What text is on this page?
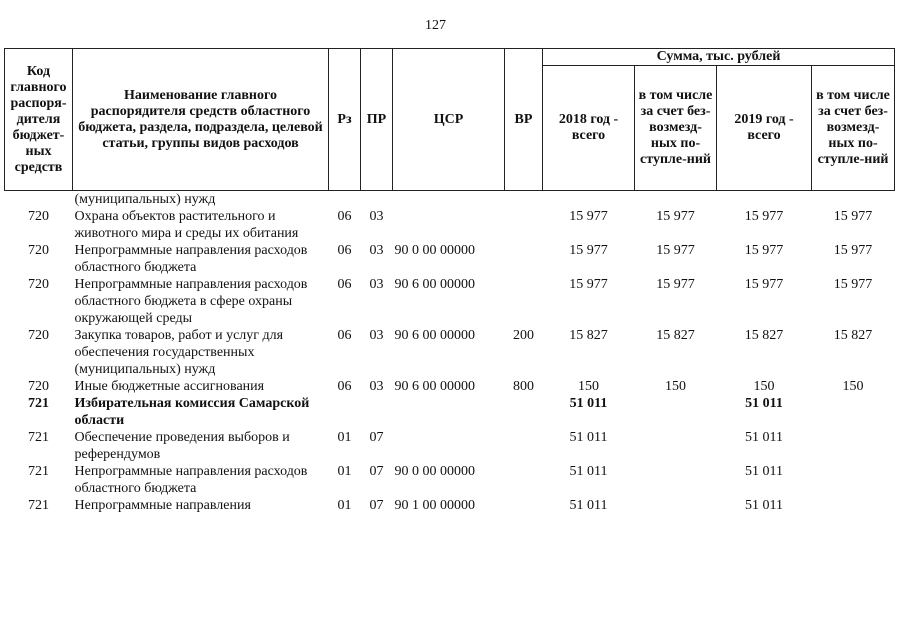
127
Код главного распоря-дителя бюджет-ных средств	Наименование главного распорядителя средств областного бюджета, раздела, подраздела, целевой статьи, группы видов расходов	Рз	ПР	ЦСР	ВР	Сумма, тыс. рублей			
						2018 год - всего	в том числе за счет без-возмезд-ных по-ступле-ний	2019 год - всего	в том числе за счет без-возмезд-ных по-ступле-ний
	(муниципальных) нужд								
720	Охрана объектов растительного и животного мира и среды их обитания	06	03			15 977	15 977	15 977	15 977
720	Непрограммные направления расходов областного бюджета	06	03	90 0 00 00000		15 977	15 977	15 977	15 977
720	Непрограммные направления расходов областного бюджета в сфере охраны окружающей среды	06	03	90 6 00 00000		15 977	15 977	15 977	15 977
720	Закупка товаров, работ и услуг для обеспечения государственных (муниципальных) нужд	06	03	90 6 00 00000	200	15 827	15 827	15 827	15 827
720	Иные бюджетные ассигнования	06	03	90 6 00 00000	800	150	150	150	150
721	Избирательная комиссия Самарской области					51 011		51 011	
721	Обеспечение проведения выборов и референдумов	01	07			51 011		51 011	
721	Непрограммные направления расходов областного бюджета	01	07	90 0 00 00000		51 011		51 011	
721	Непрограммные направления	01	07	90 1 00 00000		51 011		51 011	
